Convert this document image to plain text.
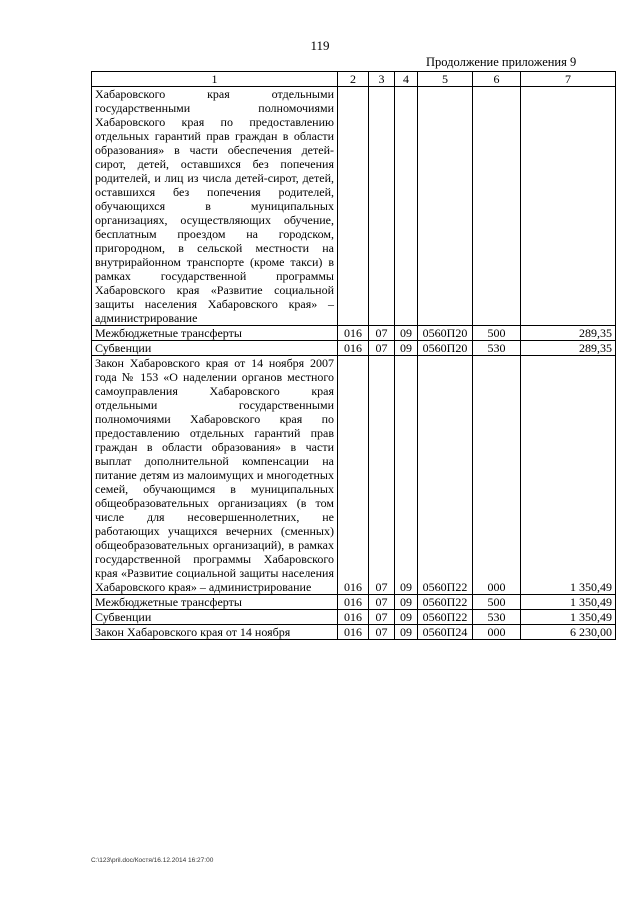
119
Продолжение приложения 9
1	2	3	4	5	6	7
Хабаровского края отдельными государственными полномочиями Хабаровского края по предоставлению отдельных гарантий прав граждан в области образования» в части обеспечения детей-сирот, детей, оставшихся без попечения родителей, и лиц из числа детей-сирот, детей, оставшихся без попечения родителей, обучающихся в муниципальных организациях, осуществляющих обучение, бесплатным проездом на городском, пригородном, в сельской местности на внутрирайонном транспорте (кроме такси) в рамках государственной программы Хабаровского края «Развитие социальной защиты населения Хабаровского края» – администрирование						
Межбюджетные трансферты	016	07	09	0560П20	500	289,35
Субвенции	016	07	09	0560П20	530	289,35
Закон Хабаровского края от 14 ноября 2007 года № 153 «О наделении органов местного самоуправления Хабаровского края отдельными государственными полномочиями Хабаровского края по предоставлению отдельных гарантий прав граждан в области образования» в части выплат дополнительной компенсации на питание детям из малоимущих и многодетных семей, обучающимся в муниципальных общеобразовательных организациях (в том числе для несовершеннолетних, не работающих учащихся вечерних (сменных) общеобразовательных организаций), в рамках государственной программы Хабаровского края «Развитие социальной защиты населения Хабаровского края» – администрирование	016	07	09	0560П22	000	1 350,49
Межбюджетные трансферты	016	07	09	0560П22	500	1 350,49
Субвенции	016	07	09	0560П22	530	1 350,49
Закон Хабаровского края от 14 ноября	016	07	09	0560П24	000	6 230,00
C:\123\pril.doc/Костя/16.12.2014 16:27:00
